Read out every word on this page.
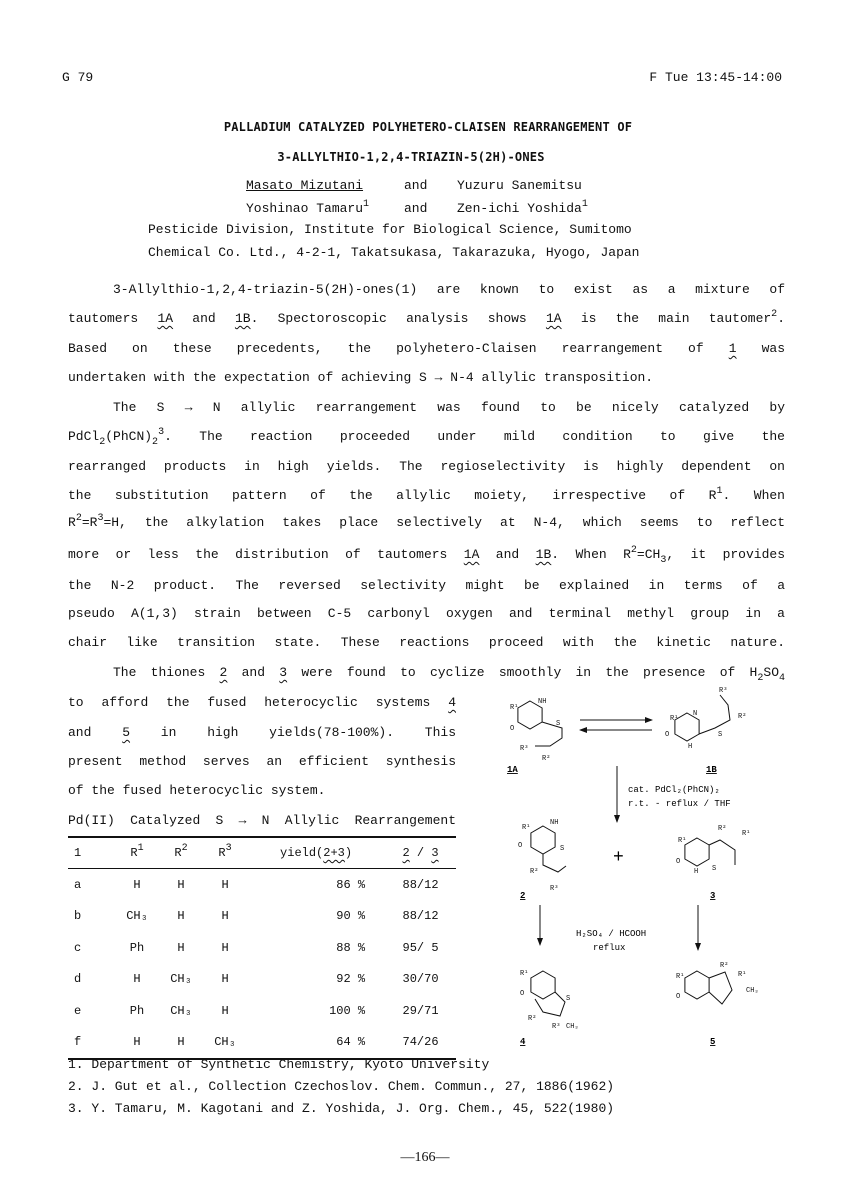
G 79	F Tue 13:45-14:00
PALLADIUM CATALYZED POLYHETERO-CLAISEN REARRANGEMENT OF
3-ALLYLTHIO-1,2,4-TRIAZIN-5(2H)-ONES
Masato Mizutani	and Yuzuru Sanemitsu
Yoshinao Tamaru$^1$	and Zen-ichi Yoshida$^1$
Pesticide Division, Institute for Biological Science, Sumitomo
Chemical Co. Ltd., 4-2-1, Takatsukasa, Takarazuka, Hyogo, Japan
3-Allylthio-1,2,4-triazin-5(2H)-ones(1) are known to exist as a mixture of
tautomers 1A and 1B. Spectoroscopic analysis shows 1A is the main tautomer$^2$.
Based on these precedents, the polyhetero-Claisen rearrangement of 1 was
undertaken with the expectation of achieving S → N-4 allylic transposition.
The S → N allylic rearrangement was found to be nicely catalyzed by
$PdCl_2(PhCN)_2^3$. The reaction proceeded under mild condition to give the
rearranged products in high yields. The regioselectivity is highly dependent on
the substitution pattern of the allylic moiety, irrespective of $R^1$. When
$R^2=R^3=H$, the alkylation takes place selectively at N-4, which seems to reflect
more or less the distribution of tautomers 1A and 1B. When $R^2=CH_3$, it provides
the N-2 product. The reversed selectivity might be explained in terms of a
pseudo A(1,3) strain between C-5 carbonyl oxygen and terminal methyl group in a
chair like transition state. These reactions proceed with the kinetic nature.
The thiones 2 and 3 were found to cyclize smoothly in the presence of $H_2SO_4$
to afford the fused heterocyclic systems 4
and 5 in high yields(78-100%). This
present method serves an efficient synthesis
of the fused heterocyclic system.
Pd(II) Catalyzed S → N Allylic Rearrangement
1	$R^1$	$R^2$	$R^3$	yield(2+3)	2 / 3
a	H	H	H	86 %	88/12
b	CH₃	H	H	90 %	88/12
c	Ph	H	H	88 %	95/ 5
d	H	CH₃	H	92 %	30/70
e	Ph	CH₃	H	100 %	29/71
f	H	H	CH₃	64 %	74/26
R¹
NH
O
S
R³
R²
R¹
N
O
H
S
R³
R²
R¹
NH
O	S
R²
R³
R¹
O
H S
R²
R¹
R¹
O
S
R²
R³ CH₃
R¹
O
R²
R¹
CH₃
cat. PdCl₂(PhCN)₂
r.t. - reflux / THF
+
H₂SO₄ / HCOOH
reflux
1A	1B
2	3
4	5
1. Department of Synthetic Chemistry, Kyoto University
2. J. Gut et al., Collection Czechoslov. Chem. Commun., 27, 1886(1962)
3. Y. Tamaru, M. Kagotani and Z. Yoshida, J. Org. Chem., 45, 522(1980)
—166—
